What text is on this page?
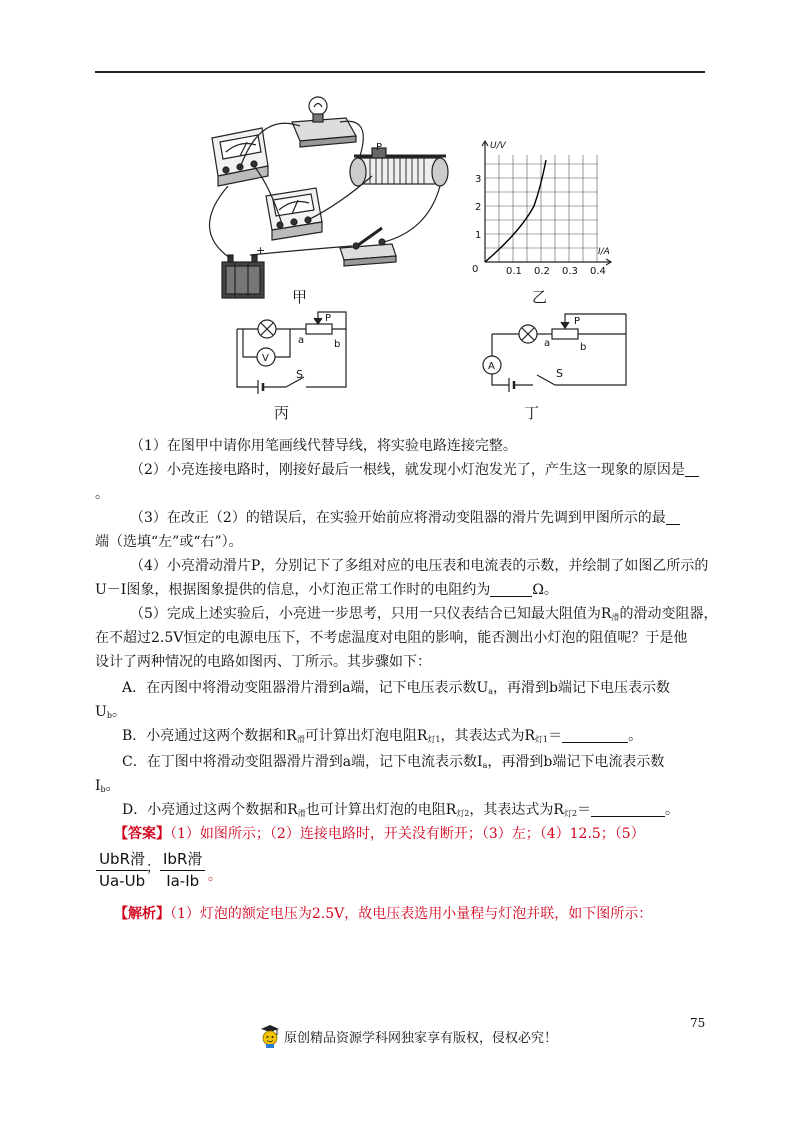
甲	乙
丙	丁
U/V
I/A
0	0.1 0.2 0.3 0.4
1
2
3
P
+
P
a	b
V
S
P
a	b
A
S

（1）在图甲中请你用笔画线代替导线，将实验电路连接完整。

（2）小亮连接电路时，刚接好最后一根线，就发现小灯泡发光了，产生这一现象的原因是

。

（3）在改正（2）的错误后，在实验开始前应将滑动变阻器的滑片先调到甲图所示的最

端（选填“左”或“右”）。

（4）小亮滑动滑片P，分别记下了多组对应的电压表和电流表的示数，并绘制了如图乙所示的

U－I图象，根据图象提供的信息，小灯泡正常工作时的电阻约为	Ω。

（5）完成上述实验后，小亮进一步思考，只用一只仪表结合已知最大阻值为$R_滑$的滑动变阻器，

在不超过2.5V恒定的电源电压下，不考虑温度对电阻的影响，能否测出小灯泡的阻值呢？于是他

设计了两种情况的电路如图丙、丁所示。其步骤如下：

A．在丙图中将滑动变阻器滑片滑到a端，记下电压表示数$U_a$，再滑到b端记下电压表示数

$U_b$。

B．小亮通过这两个数据和$R_滑$可计算出灯泡电阻$R_{灯1}$，其表达式为$R_{灯1}=$	。

C．在丁图中将滑动变阻器滑片滑到a端，记下电流表示数$I_a$，再滑到b端记下电流表示数

$I_b$。

D．小亮通过这两个数据和$R_滑$也可计算出灯泡的电阻$R_{灯2}$，其表达式为$R_{灯2}=$	。

【答案】（1）如图所示；（2）连接电路时，开关没有断开；（3）左；（4）12.5；（5）

UbR滑
Ua-Ub
； IbR滑
Ia-Ib 。

【解析】（1）灯泡的额定电压为2.5V，故电压表选用小量程与灯泡并联，如下图所示：

75
原创精品资源学科网独家享有版权，侵权必究！
